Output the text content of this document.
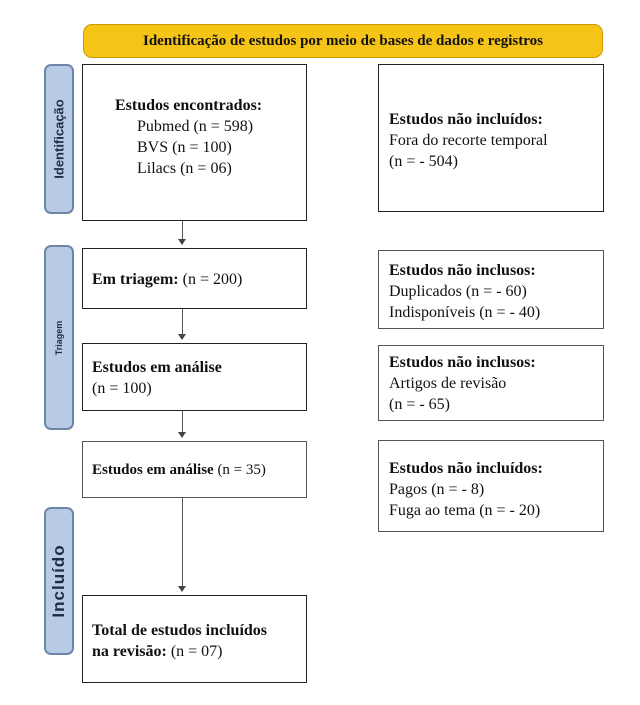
Identificação de estudos por meio de bases de dados e registros
Identificação
Triagem
Incluído
Estudos encontrados:
Pubmed (n = 598)
BVS (n = 100)
Lilacs (n = 06)
Em triagem: (n = 200)
Estudos em análise
(n = 100)
Estudos em análise (n = 35)
Total de estudos incluídos
na revisão: (n = 07)
Estudos não incluídos:
Fora do recorte temporal
(n = - 504)
Estudos não inclusos:
Duplicados (n = - 60)
Indisponíveis (n = - 40)
Estudos não inclusos:
Artigos de revisão
(n = - 65)
Estudos não incluídos:
Pagos (n = - 8)
Fuga ao tema (n = - 20)
